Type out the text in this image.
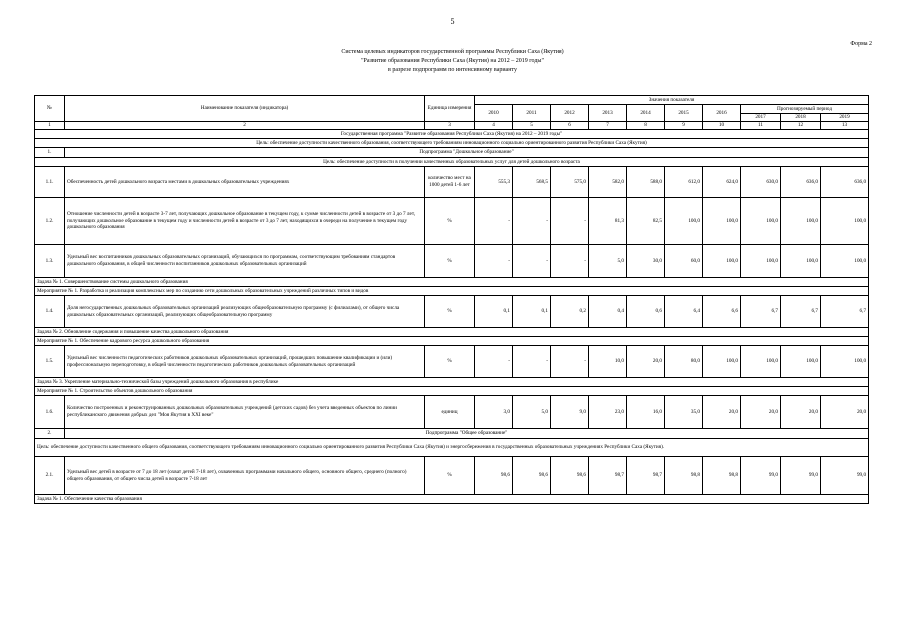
5
Форма 2
Система целевых индикаторов государственной программы Республики Саха (Якутия)
"Развитие образования Республики Саха (Якутия) на 2012 – 2019 годы"
в разрезе подпрограмм по интенсивному варианту
№	Наименование показателя (индикатора)	Единица измерения	Значения показателя									
			2010	2011	2012	2013	2014	2015	2016	Прогнозируемый период		
										2017	2018	2019
1	2	3	4	5	6	7	8	9	10	11	12	13
Государственная программа "Развитие образования Республики Саха (Якутия) на 2012 – 2019 годы"												
Цель: обеспечение доступности качественного образования, соответствующего требованиям инновационного социально ориентированного развития Республики Саха (Якутия)												
1.	Подпрограмма "Дошкольное образование"											
Цель: обеспечение доступности в получении качественных образовательных услуг для детей дошкольного возраста												
1.1.	Обеспеченность детей дошкольного возраста местами в дошкольных образовательных учреждениях	количество мест на 1000 детей 1-6 лет	555,3	568,5	575,0	582,0	588,0	612,0	624,0	630,0	636,0	636,0
1.2.	Отношение численности детей в возрасте 3-7 лет, получающих дошкольное образование в текущем году, к сумме численности детей в возрасте от 3 до 7 лет, получающих дошкольное образование в текущем году и численности детей в возрасте от 3 до 7 лет, находящихся в очереди на получение в текущем году дошкольного образования	%	-	-	-	81,3	82,5	100,0	100,0	100,0	100,0	100,0
1.3.	Удельный вес воспитанников дошкольных образовательных организаций, обучающихся по программам, соответствующим требованиям стандартов дошкольного образования, в общей численности воспитанников дошкольных образовательных организаций	%	-	-	-	5,0	30,0	60,0	100,0	100,0	100,0	100,0
Задача № 1. Совершенствование системы дошкольного образования												
Мероприятие № 1. Разработка и реализация комплексных мер по созданию сети дошкольных образовательных учреждений различных типов и видов												
1.4.	Доля негосударственных дошкольных образовательных организаций реализующих общеобразовательную программу (с филиалами), от общего числа дошкольных образовательных организаций, реализующих общеобразовательную программу	%	0,1	0,1	0,2	0,4	0,6	6,4	6,6	6,7	6,7	6,7
Задача № 2. Обновление содержания и повышение качества дошкольного образования												
Мероприятие № 1. Обеспечение кадрового ресурса дошкольного образования												
1.5.	Удельный вес численности педагогических работников дошкольных образовательных организаций, прошедших повышение квалификации и (или) профессиональную переподготовку, в общей численности педагогических работников дошкольных образовательных организаций	%	-	-	-	10,0	20,0	80,0	100,0	100,0	100,0	100,0
Задача № 3. Укрепление материально-технической базы учреждений дошкольного образования в республике												
Мероприятие № 1. Строительство объектов дошкольного образования												
1.6.	Количество построенных и реконструированных дошкольных образовательных учреждений (детских садов) без учета введенных объектов по линии республиканского движения добрых дел "Моя Якутия в XXI веке"	единиц	3,0	5,0	9,0	23,0	16,0	35,0	20,0	20,0	20,0	20,0
2.	Подпрограмма "Общее образование"											
Цель: обеспечение доступности качественного общего образования, соответствующего требованиям инновационного социально ориентированного развития Республики Саха (Якутия) и энергосбережения в государственных образовательных учреждениях Республики Саха (Якутия).												
2.1.	Удельный вес детей в возрасте от 7 до 18 лет (охват детей 7-18 лет), охваченных программами начального общего, основного общего, среднего (полного) общего образования, от общего числа детей в возрасте 7-18 лет	%	98,6	98,6	98,6	98,7	98,7	98,8	98,8	99,0	99,0	99,0
Задача № 1. Обеспечение качества образования												
